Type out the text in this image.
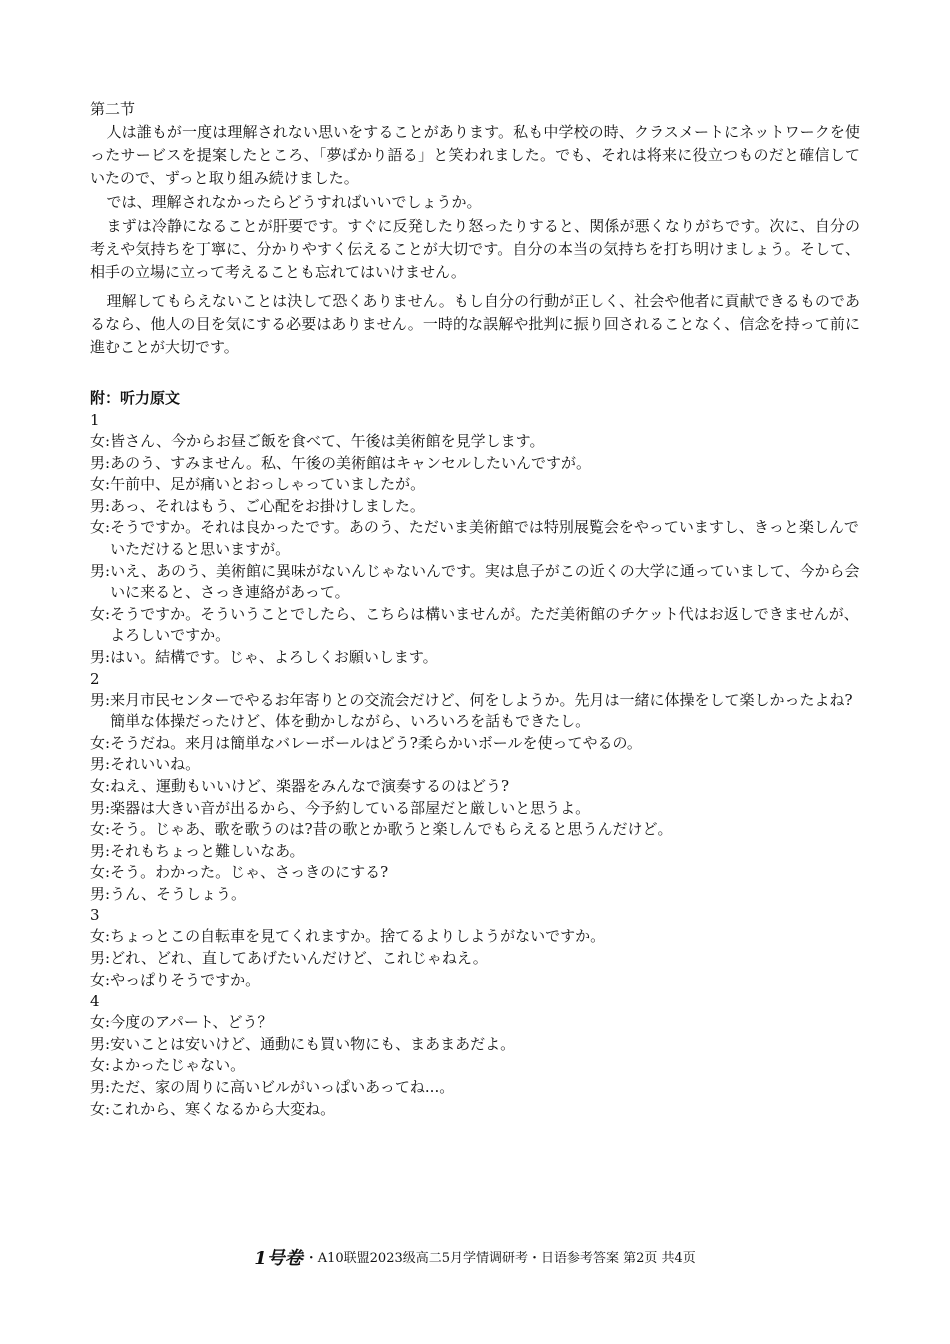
第二节

人は誰もが一度は理解されない思いをすることがあります。私も中学校の時、クラスメートにネットワークを使ったサービスを提案したところ、「夢ばかり語る」と笑われました。でも、それは将来に役立つものだと確信していたので、ずっと取り組み続けました。

では、理解されなかったらどうすればいいでしょうか。

まずは冷静になることが肝要です。すぐに反発したり怒ったりすると、関係が悪くなりがちです。次に、自分の考えや気持ちを丁寧に、分かりやすく伝えることが大切です。自分の本当の気持ちを打ち明けましょう。そして、相手の立場に立って考えることも忘れてはいけません。

理解してもらえないことは決して恐くありません。もし自分の行動が正しく、社会や他者に貢献できるものであるなら、他人の目を気にする必要はありません。一時的な誤解や批判に振り回されることなく、信念を持って前に進むことが大切です。

附：听力原文

1

女: 皆さん、今からお昼ご飯を食べて、午後は美術館を見学します。
男: あのう、すみません。私、午後の美術館はキャンセルしたいんですが。
女: 午前中、足が痛いとおっしゃっていましたが。
男: あっ、それはもう、ご心配をお掛けしました。
女: そうですか。それは良かったです。あのう、ただいま美術館では特別展覧会をやっていますし、きっと楽しんでいただけると思いますが。
男: いえ、あのう、美術館に異味がないんじゃないんです。実は息子がこの近くの大学に通っていまして、今から会いに来ると、さっき連絡があって。
女: そうですか。そういうことでしたら、こちらは構いませんが。ただ美術館のチケット代はお返しできませんが、よろしいですか。
男: はい。結構です。じゃ、よろしくお願いします。

2

男: 来月市民センターでやるお年寄りとの交流会だけど、何をしようか。先月は一緒に体操をして楽しかったよね?簡単な体操だったけど、体を動かしながら、いろいろを話もできたし。
女: そうだね。来月は簡単なバレーボールはどう?柔らかいボールを使ってやるの。
男: それいいね。
女: ねえ、運動もいいけど、楽器をみんなで演奏するのはどう?
男: 楽器は大きい音が出るから、今予約している部屋だと厳しいと思うよ。
女: そう。じゃあ、歌を歌うのは?昔の歌とか歌うと楽しんでもらえると思うんだけど。
男: それもちょっと難しいなあ。
女: そう。わかった。じゃ、さっきのにする?
男: うん、そうしょう。

3

女: ちょっとこの自転車を見てくれますか。捨てるよりしようがないですか。
男: どれ、どれ、直してあげたいんだけど、これじゃねえ。
女: やっぱりそうですか。

4

女: 今度のアパート、どう？
男: 安いことは安いけど、通動にも買い物にも、まあまあだよ。
女: よかったじゃない。
男: ただ、家の周りに高いビルがいっぱいあってね...。
女: これから、寒くなるから大変ね。
1号卷 ・A10联盟2023级高二5月学情调研考・日语参考答案 第2页 共4页
